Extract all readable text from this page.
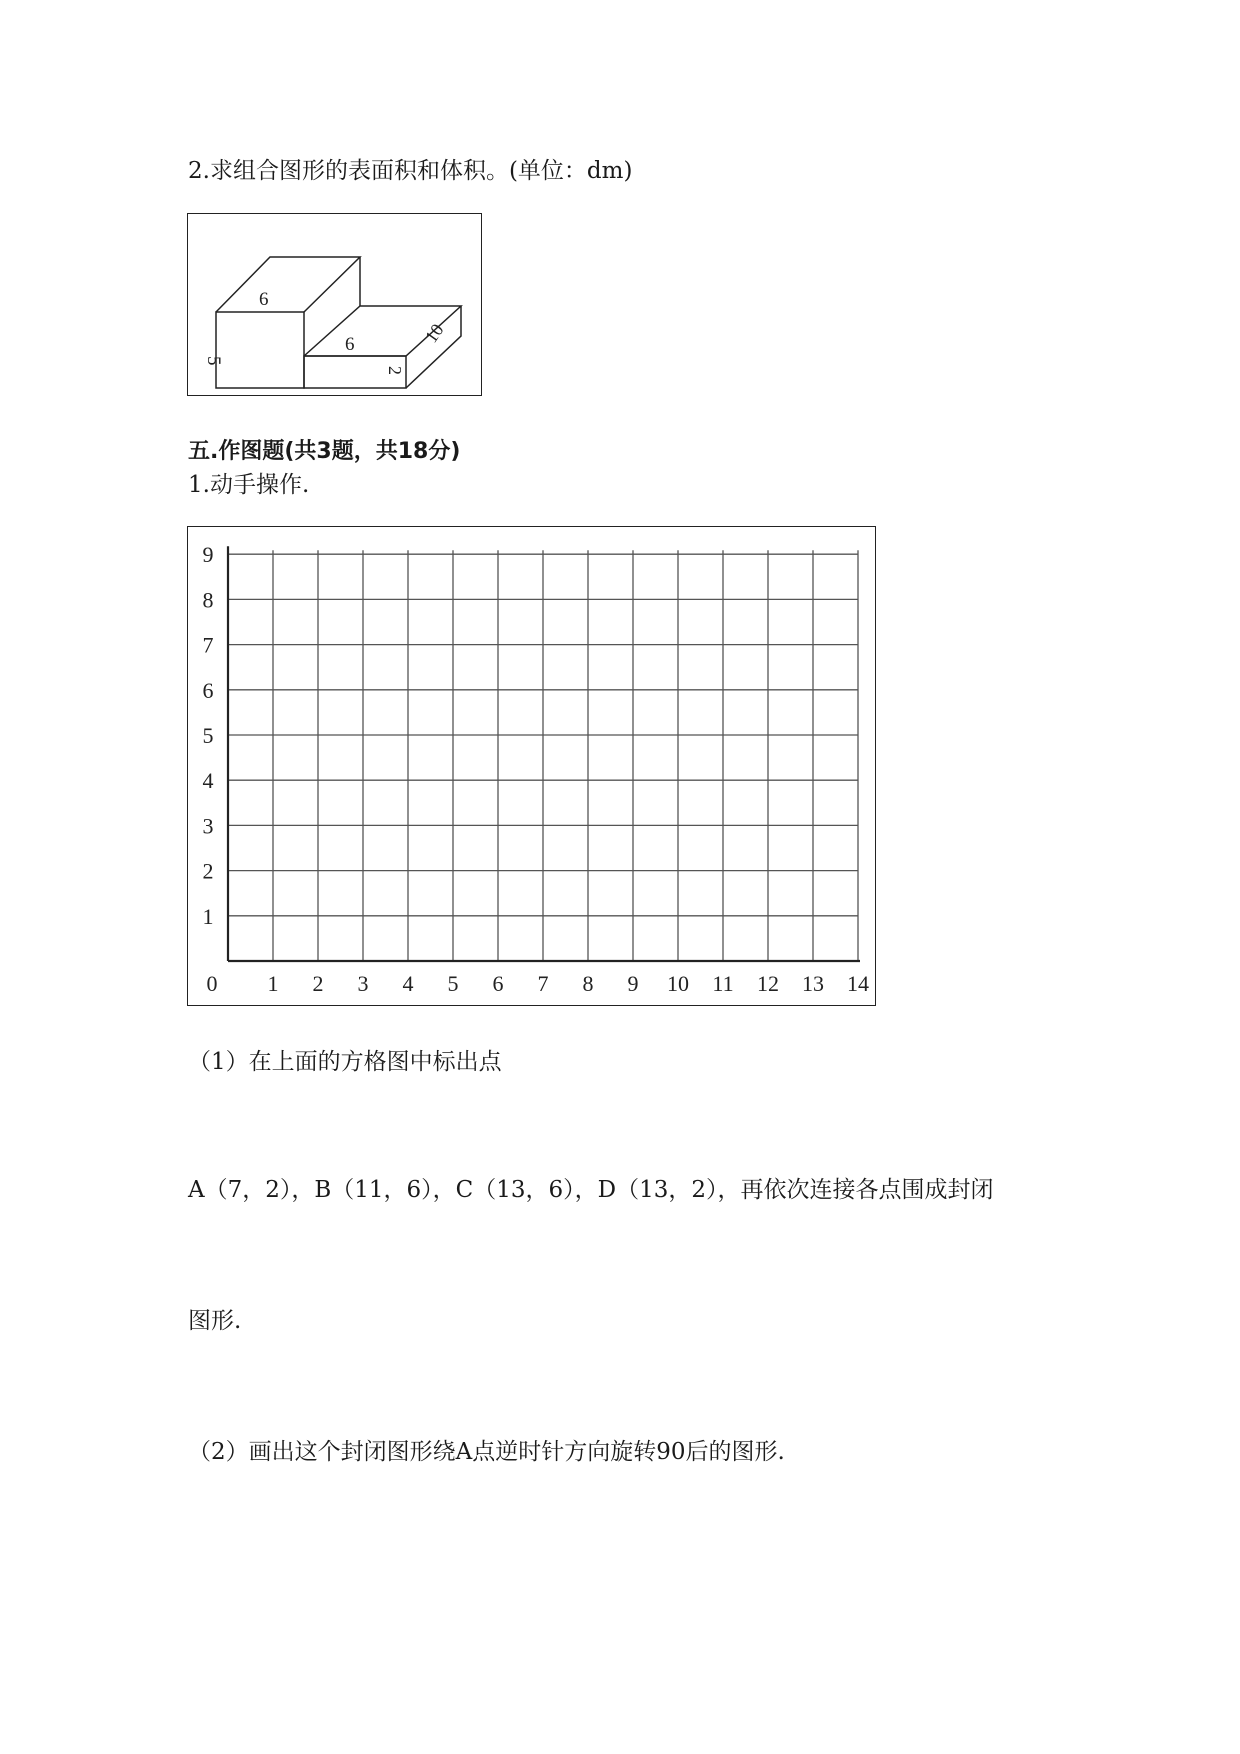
2.求组合图形的表面积和体积。(单位：dm)
6
5
6
2
10
五.作图题(共3题，共18分)
1.动手操作.
0 1 2 3 4 5 6 7 8 9 10 11 12 13 14
9
8
7
6
5
4
3
2
1
（1）在上面的方格图中标出点
A（7，2），B（11，6），C（13，6），D（13，2），再依次连接各点围成封闭
图形.
（2）画出这个封闭图形绕A点逆时针方向旋转90后的图形.
